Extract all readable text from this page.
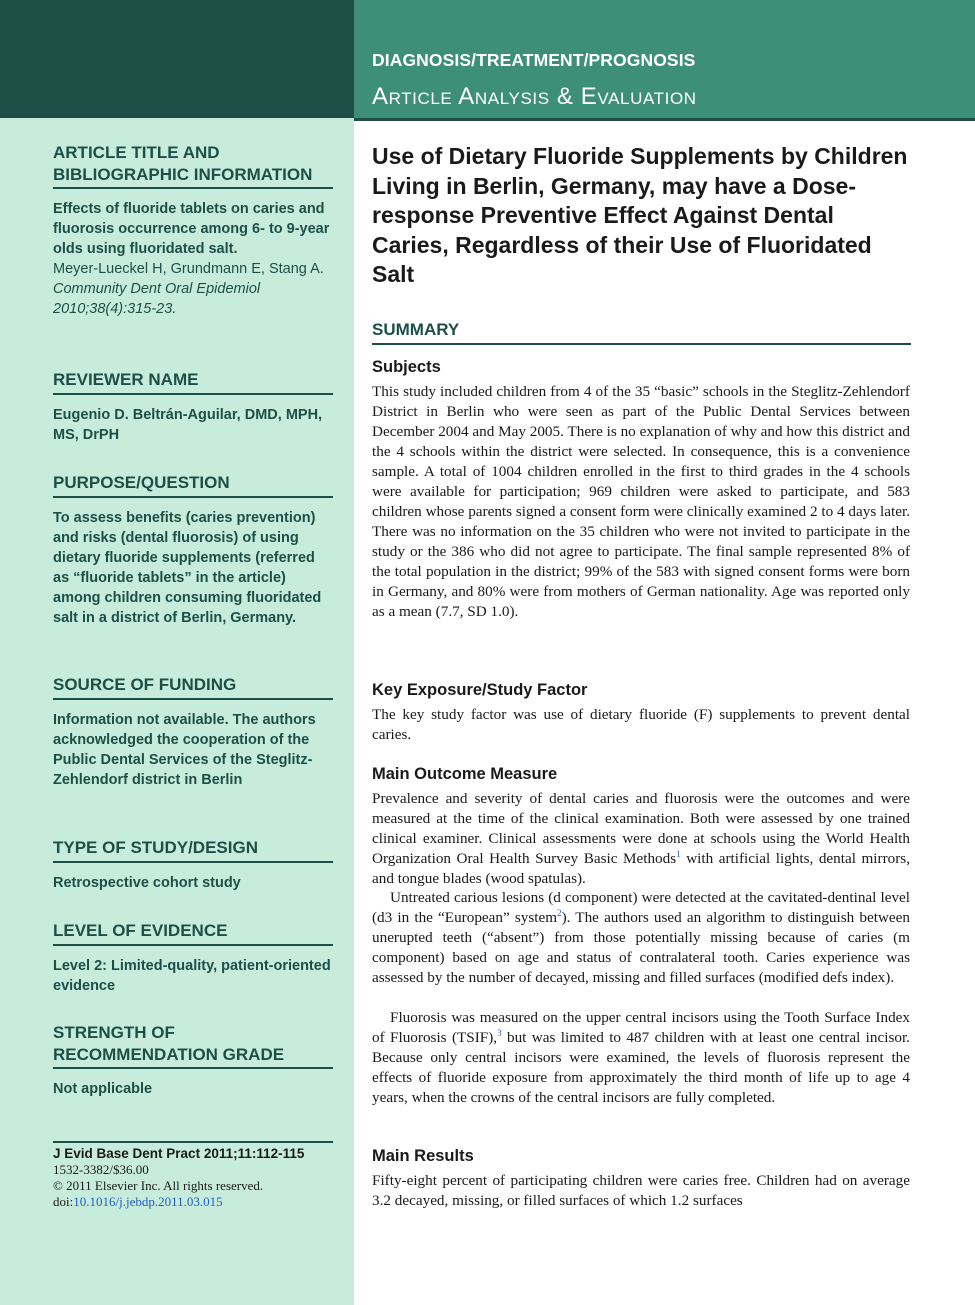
DIAGNOSIS/TREATMENT/PROGNOSIS
Article Analysis & Evaluation
ARTICLE TITLE AND BIBLIOGRAPHIC INFORMATION
Effects of fluoride tablets on caries and fluorosis occurrence among 6- to 9-year olds using fluoridated salt.
Meyer-Lueckel H, Grundmann E, Stang A.
Community Dent Oral Epidemiol 2010;38(4):315-23.
REVIEWER NAME
Eugenio D. Beltrán-Aguilar, DMD, MPH, MS, DrPH
PURPOSE/QUESTION
To assess benefits (caries prevention) and risks (dental fluorosis) of using dietary fluoride supplements (referred as “fluoride tablets” in the article) among children consuming fluoridated salt in a district of Berlin, Germany.
SOURCE OF FUNDING
Information not available. The authors acknowledged the cooperation of the Public Dental Services of the Steglitz-Zehlendorf district in Berlin
TYPE OF STUDY/DESIGN
Retrospective cohort study
LEVEL OF EVIDENCE
Level 2: Limited-quality, patient-oriented evidence
STRENGTH OF RECOMMENDATION GRADE
Not applicable
J Evid Base Dent Pract 2011;11:112-115
1532-3382/$36.00
© 2011 Elsevier Inc. All rights reserved.
doi:10.1016/j.jebdp.2011.03.015
Use of Dietary Fluoride Supplements by Children Living in Berlin, Germany, may have a Dose-response Preventive Effect Against Dental Caries, Regardless of their Use of Fluoridated Salt
SUMMARY
Subjects
This study included children from 4 of the 35 “basic” schools in the Steglitz-Zehlendorf District in Berlin who were seen as part of the Public Dental Services between December 2004 and May 2005. There is no explanation of why and how this district and the 4 schools within the district were selected. In consequence, this is a convenience sample. A total of 1004 children enrolled in the first to third grades in the 4 schools were available for participation; 969 children were asked to participate, and 583 children whose parents signed a consent form were clinically examined 2 to 4 days later. There was no information on the 35 children who were not invited to participate in the study or the 386 who did not agree to participate. The final sample represented 8% of the total population in the district; 99% of the 583 with signed consent forms were born in Germany, and 80% were from mothers of German nationality. Age was reported only as a mean (7.7, SD 1.0).
Key Exposure/Study Factor
The key study factor was use of dietary fluoride (F) supplements to prevent dental caries.
Main Outcome Measure
Prevalence and severity of dental caries and fluorosis were the outcomes and were measured at the time of the clinical examination. Both were assessed by one trained clinical examiner. Clinical assessments were done at schools using the World Health Organization Oral Health Survey Basic Methods$^1$ with artificial lights, dental mirrors, and tongue blades (wood spatulas).
Untreated carious lesions (d component) were detected at the cavitated-dentinal level (d3 in the “European” system$^2$). The authors used an algorithm to distinguish between unerupted teeth (“absent”) from those potentially missing because of caries (m component) based on age and status of contralateral tooth. Caries experience was assessed by the number of decayed, missing and filled surfaces (modified defs index).
Fluorosis was measured on the upper central incisors using the Tooth Surface Index of Fluorosis (TSIF),$^3$ but was limited to 487 children with at least one central incisor. Because only central incisors were examined, the levels of fluorosis represent the effects of fluoride exposure from approximately the third month of life up to age 4 years, when the crowns of the central incisors are fully completed.
Main Results
Fifty-eight percent of participating children were caries free. Children had on average 3.2 decayed, missing, or filled surfaces of which 1.2 surfaces
